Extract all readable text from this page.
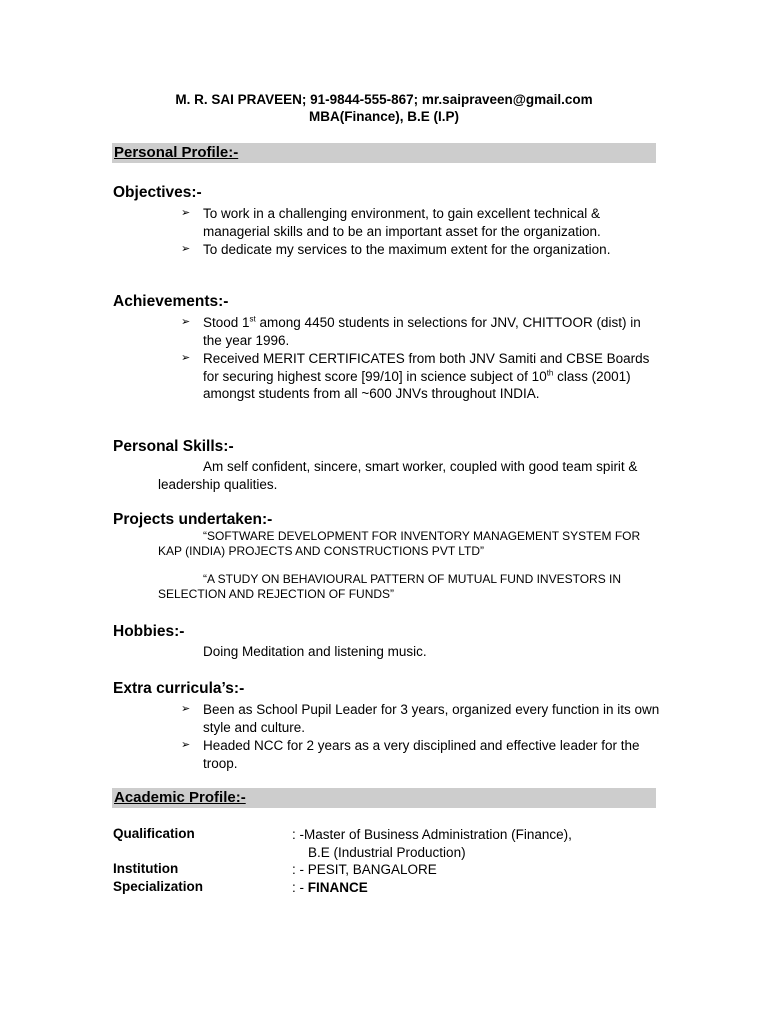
M. R. SAI PRAVEEN; 91-9844-555-867; mr.saipraveen@gmail.com
MBA(Finance), B.E (I.P)
Personal Profile:-
Objectives:-
➢ To work in a challenging environment, to gain excellent technical & managerial skills and to be an important asset for the organization.
➢ To dedicate my services to the maximum extent for the organization.
Achievements:-
➢ Stood 1st among 4450 students in selections for JNV, CHITTOOR (dist) in the year 1996.
➢ Received MERIT CERTIFICATES from both JNV Samiti and CBSE Boards for securing highest score [99/10] in science subject of 10th class (2001) amongst students from all ~600 JNVs throughout INDIA.
Personal Skills:-
Am self confident, sincere, smart worker, coupled with good team spirit & leadership qualities.
Projects undertaken:-
“SOFTWARE DEVELOPMENT FOR INVENTORY MANAGEMENT SYSTEM FOR KAP (INDIA) PROJECTS AND CONSTRUCTIONS PVT LTD”
“A STUDY ON BEHAVIOURAL PATTERN OF MUTUAL FUND INVESTORS IN SELECTION AND REJECTION OF FUNDS”
Hobbies:-
Doing Meditation and listening music.
Extra curricula’s:-
➢ Been as School Pupil Leader for 3 years, organized every function in its own style and culture.
➢ Headed NCC for 2 years as a very disciplined and effective leader for the troop.
Academic Profile:-
Qualification	: -Master of Business Administration (Finance),
B.E (Industrial Production)
Institution	: - PESIT, BANGALORE
Specialization	: - FINANCE
